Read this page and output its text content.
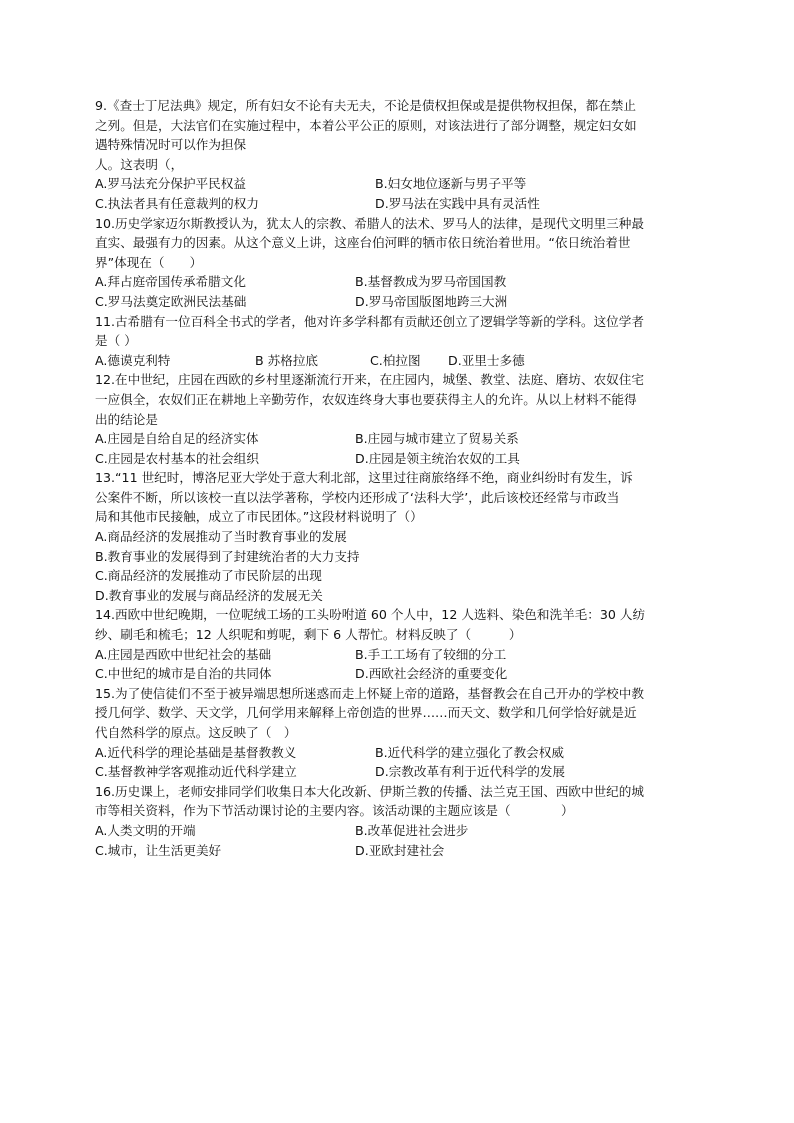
9.《查士丁尼法典》规定，所有妇女不论有夫无夫，不论是债权担保或是提供物权担保，都在禁止
之列。但是，大法官们在实施过程中，本着公平公正的原则，对该法进行了部分调整，规定妇女如
遇特殊情况时可以作为担保
人。这表明（，
A.罗马法充分保护平民权益	B.妇女地位逐新与男子平等
C.执法者具有任意裁判的权力	D.罗马法在实践中具有灵活性
10.历史学家迈尔斯教授认为，犹太人的宗教、希腊人的法术、罗马人的法律，是现代文明里三种最
直实、最强有力的因素。从这个意义上讲，这座台伯河畔的牺市依日统治着世用。“依日统治着世
界”体现在（　　）
A.拜占庭帝国传承希腊文化	B.基督教成为罗马帝国国教
C.罗马法奠定欧洲民法基础	D.罗马帝国版图地跨三大洲
11.古希腊有一位百科全书式的学者，他对许多学科都有贡献还创立了逻辑学等新的学科。这位学者
是（ ）
A.德谟克利特	B 苏格拉底	C.柏拉图	D.亚里士多德
12.在中世纪，庄园在西欧的乡村里逐渐流行开来，在庄园内，城堡、教堂、法庭、磨坊、农奴住宅
一应俱全，农奴们正在耕地上辛勤劳作，农奴连终身大事也要获得主人的允许。从以上材料不能得
出的结论是
A.庄园是自给自足的经济实体	B.庄园与城市建立了贸易关系
C.庄园是农村基本的社会组织	D.庄园是领主统治农奴的工具
13.“11 世纪时，博洛尼亚大学处于意大利北部，这里过往商旅络绎不绝，商业纠纷时有发生，诉
公案件不断，所以该校一直以法学著称，学校内还形成了‘法科大学’，此后该校还经常与市政当
局和其他市民接触，成立了市民团体。”这段材料说明了（）
A.商品经济的发展推动了当时教育事业的发展
B.教育事业的发展得到了封建统治者的大力支持
C.商品经济的发展推动了市民阶层的出现
D.教育事业的发展与商品经济的发展无关
14.西欧中世纪晚期，一位呢绒工场的工头吩咐道 60 个人中，12 人选料、染色和洗羊毛：30 人纺
纱、刷毛和梳毛；12 人织呢和剪呢，剩下 6 人帮忙。材料反映了（　　　）
A.庄园是西欧中世纪社会的基础	B.手工工场有了较细的分工
C.中世纪的城市是自治的共同体	D.西欧社会经济的重要变化
15.为了使信徒们不至于被异端思想所迷惑而走上怀疑上帝的道路，基督教会在自己开办的学校中教
授几何学、数学、天文学，几何学用来解释上帝创造的世界……而天文、数学和几何学恰好就是近
代自然科学的原点。这反映了（　）
A.近代科学的理论基础是基督教教义	B.近代科学的建立强化了教会权威
C.基督教神学客观推动近代科学建立	D.宗教改革有利于近代科学的发展
16.历史课上，老师安排同学们收集日本大化改新、伊斯兰教的传播、法兰克王国、西欧中世纪的城
市等相关资料，作为下节活动课讨论的主要内容。该活动课的主题应该是（　　　　）
A.人类文明的开端	B.改革促进社会进步
C.城市，让生活更美好	D.亚欧封建社会
